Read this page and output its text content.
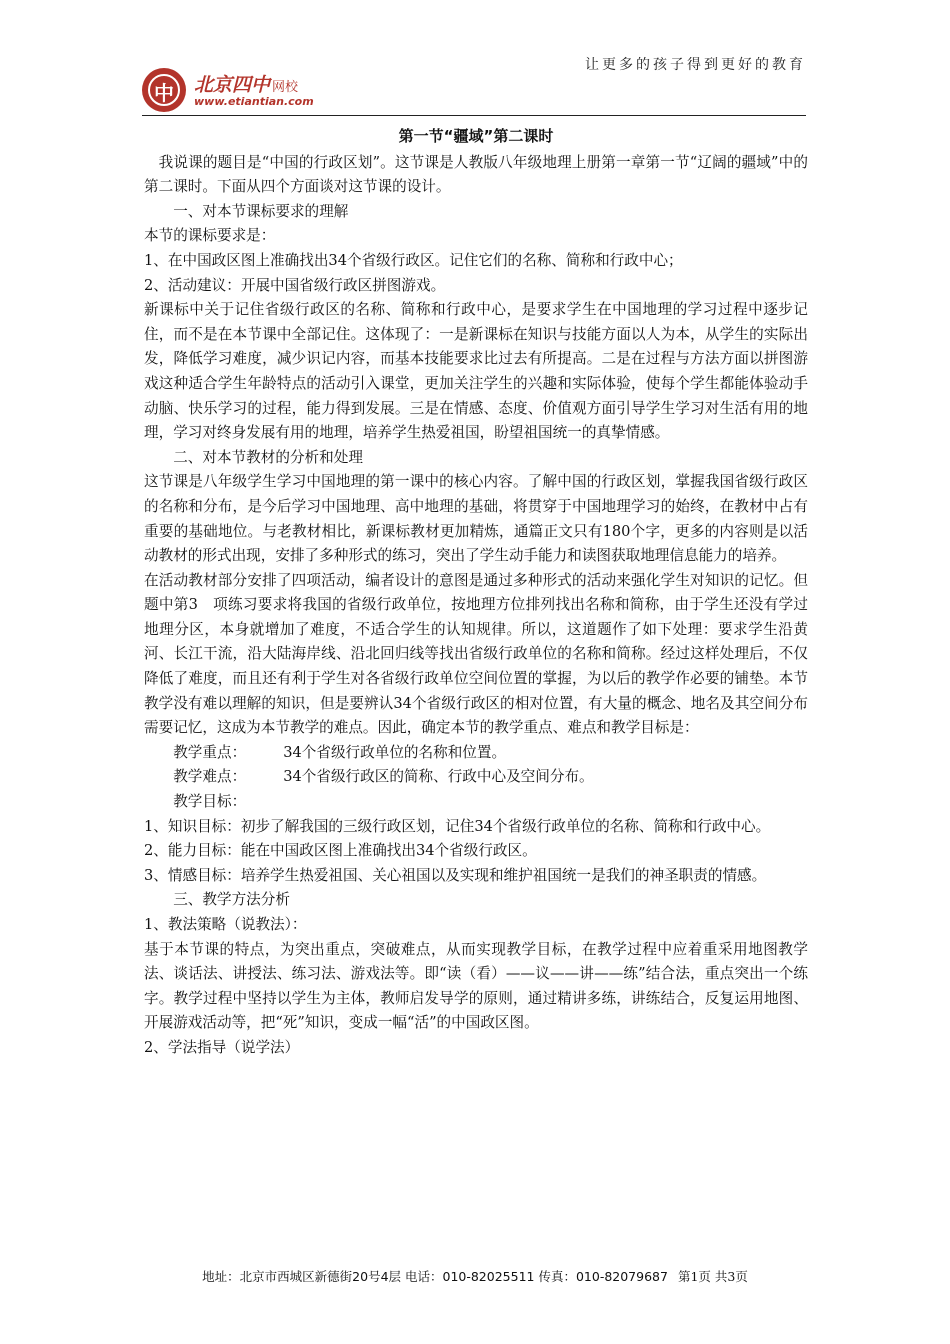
中	北京四中 网校
www.etiantian.com
让更多的孩子得到更好的教育
第一节“疆域”第二课时

我说课的题目是“中国的行政区划”。这节课是人教版八年级地理上册第一章第一节“辽阔的疆域”中的第二课时。下面从四个方面谈对这节课的设计。

一、对本节课标要求的理解

本节的课标要求是：

1、在中国政区图上准确找出34个省级行政区。记住它们的名称、简称和行政中心；

2、活动建议：开展中国省级行政区拼图游戏。

新课标中关于记住省级行政区的名称、简称和行政中心，是要求学生在中国地理的学习过程中逐步记住，而不是在本节课中全部记住。这体现了：一是新课标在知识与技能方面以人为本，从学生的实际出发，降低学习难度，减少识记内容，而基本技能要求比过去有所提高。二是在过程与方法方面以拼图游戏这种适合学生年龄特点的活动引入课堂，更加关注学生的兴趣和实际体验，使每个学生都能体验动手动脑、快乐学习的过程，能力得到发展。三是在情感、态度、价值观方面引导学生学习对生活有用的地理，学习对终身发展有用的地理，培养学生热爱祖国，盼望祖国统一的真挚情感。

二、对本节教材的分析和处理

这节课是八年级学生学习中国地理的第一课中的核心内容。了解中国的行政区划，掌握我国省级行政区的名称和分布，是今后学习中国地理、高中地理的基础，将贯穿于中国地理学习的始终，在教材中占有重要的基础地位。与老教材相比，新课标教材更加精炼，通篇正文只有180个字，更多的内容则是以活动教材的形式出现，安排了多种形式的练习，突出了学生动手能力和读图获取地理信息能力的培养。

在活动教材部分安排了四项活动，编者设计的意图是通过多种形式的活动来强化学生对知识的记忆。但题中第3　项练习要求将我国的省级行政单位，按地理方位排列找出名称和简称，由于学生还没有学过地理分区，本身就增加了难度，不适合学生的认知规律。所以，这道题作了如下处理：要求学生沿黄河、长江干流，沿大陆海岸线、沿北回归线等找出省级行政单位的名称和简称。经过这样处理后，不仅降低了难度，而且还有利于学生对各省级行政单位空间位置的掌握，为以后的教学作必要的铺垫。本节教学没有难以理解的知识，但是要辨认34个省级行政区的相对位置，有大量的概念、地名及其空间分布需要记忆，这成为本节教学的难点。因此，确定本节的教学重点、难点和教学目标是：

教学重点：	34个省级行政单位的名称和位置。

教学难点：	34个省级行政区的简称、行政中心及空间分布。

教学目标：

1、知识目标：初步了解我国的三级行政区划，记住34个省级行政单位的名称、简称和行政中心。

2、能力目标：能在中国政区图上准确找出34个省级行政区。

3、情感目标：培养学生热爱祖国、关心祖国以及实现和维护祖国统一是我们的神圣职责的情感。

三、教学方法分析

1、教法策略（说教法）：

基于本节课的特点，为突出重点，突破难点，从而实现教学目标，在教学过程中应着重采用地图教学法、谈话法、讲授法、练习法、游戏法等。即“读（看）——议——讲——练”结合法，重点突出一个练字。教学过程中坚持以学生为主体，教师启发导学的原则，通过精讲多练，讲练结合，反复运用地图、开展游戏活动等，把“死”知识，变成一幅“活”的中国政区图。

2、学法指导（说学法）

地址：北京市西城区新德街20号4层 电话：010-82025511 传真：010-82079687 第1页 共3页
